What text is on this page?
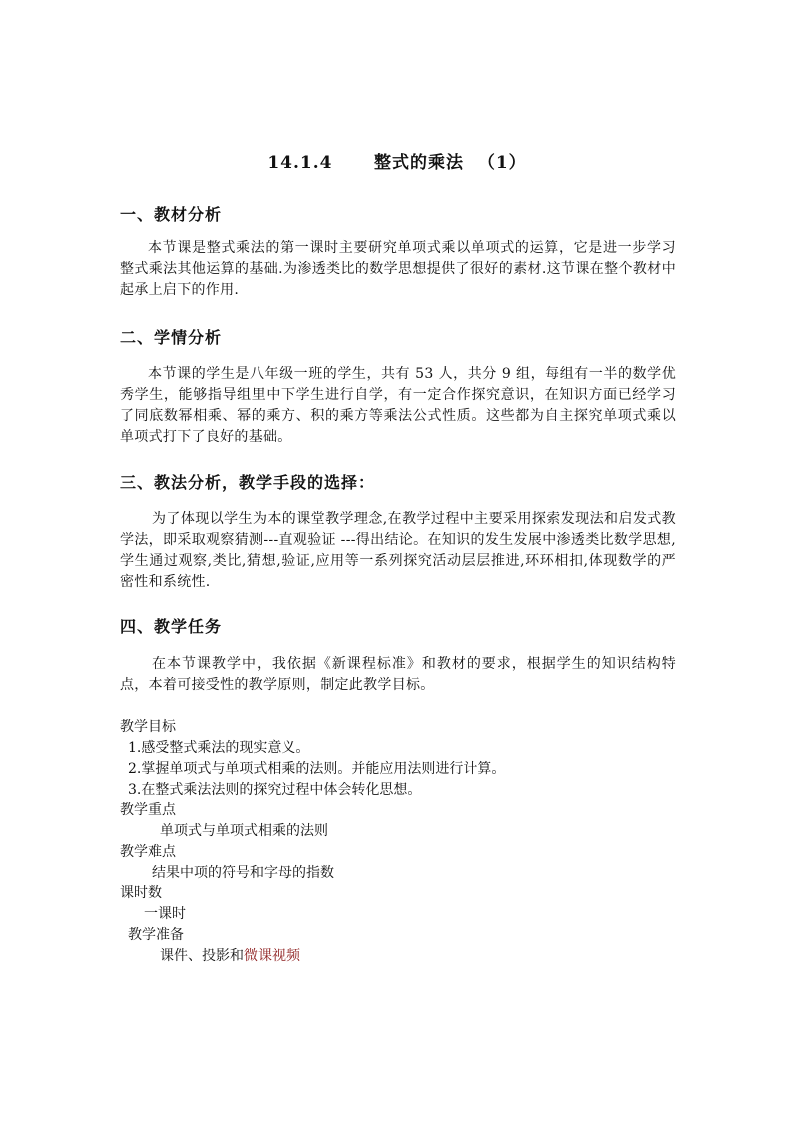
14.1.4 整式的乘法 （1）
一、教材分析
本节课是整式乘法的第一课时主要研究单项式乘以单项式的运算，它是进一步学习整式乘法其他运算的基础.为渗透类比的数学思想提供了很好的素材.这节课在整个教材中起承上启下的作用.
二、学情分析
本节课的学生是八年级一班的学生，共有 53 人，共分 9 组，每组有一半的数学优秀学生，能够指导组里中下学生进行自学，有一定合作探究意识，在知识方面已经学习了同底数幂相乘、幂的乘方、积的乘方等乘法公式性质。这些都为自主探究单项式乘以单项式打下了良好的基础。
三、教法分析，教学手段的选择：
为了体现以学生为本的课堂教学理念,在教学过程中主要采用探索发现法和启发式教学法，即采取观察猜测---直观验证 ---得出结论。在知识的发生发展中渗透类比数学思想,学生通过观察,类比,猜想,验证,应用等一系列探究活动层层推进,环环相扣,体现数学的严密性和系统性.
四、教学任务
在本节课教学中，我依据《新课程标准》和教材的要求，根据学生的知识结构特点，本着可接受性的教学原则，制定此教学目标。
教学目标
1.感受整式乘法的现实意义。
2.掌握单项式与单项式相乘的法则。并能应用法则进行计算。
3.在整式乘法法则的探究过程中体会转化思想。
教学重点
单项式与单项式相乘的法则
教学难点
结果中项的符号和字母的指数
课时数
一课时
教学准备
课件、投影和微课视频
